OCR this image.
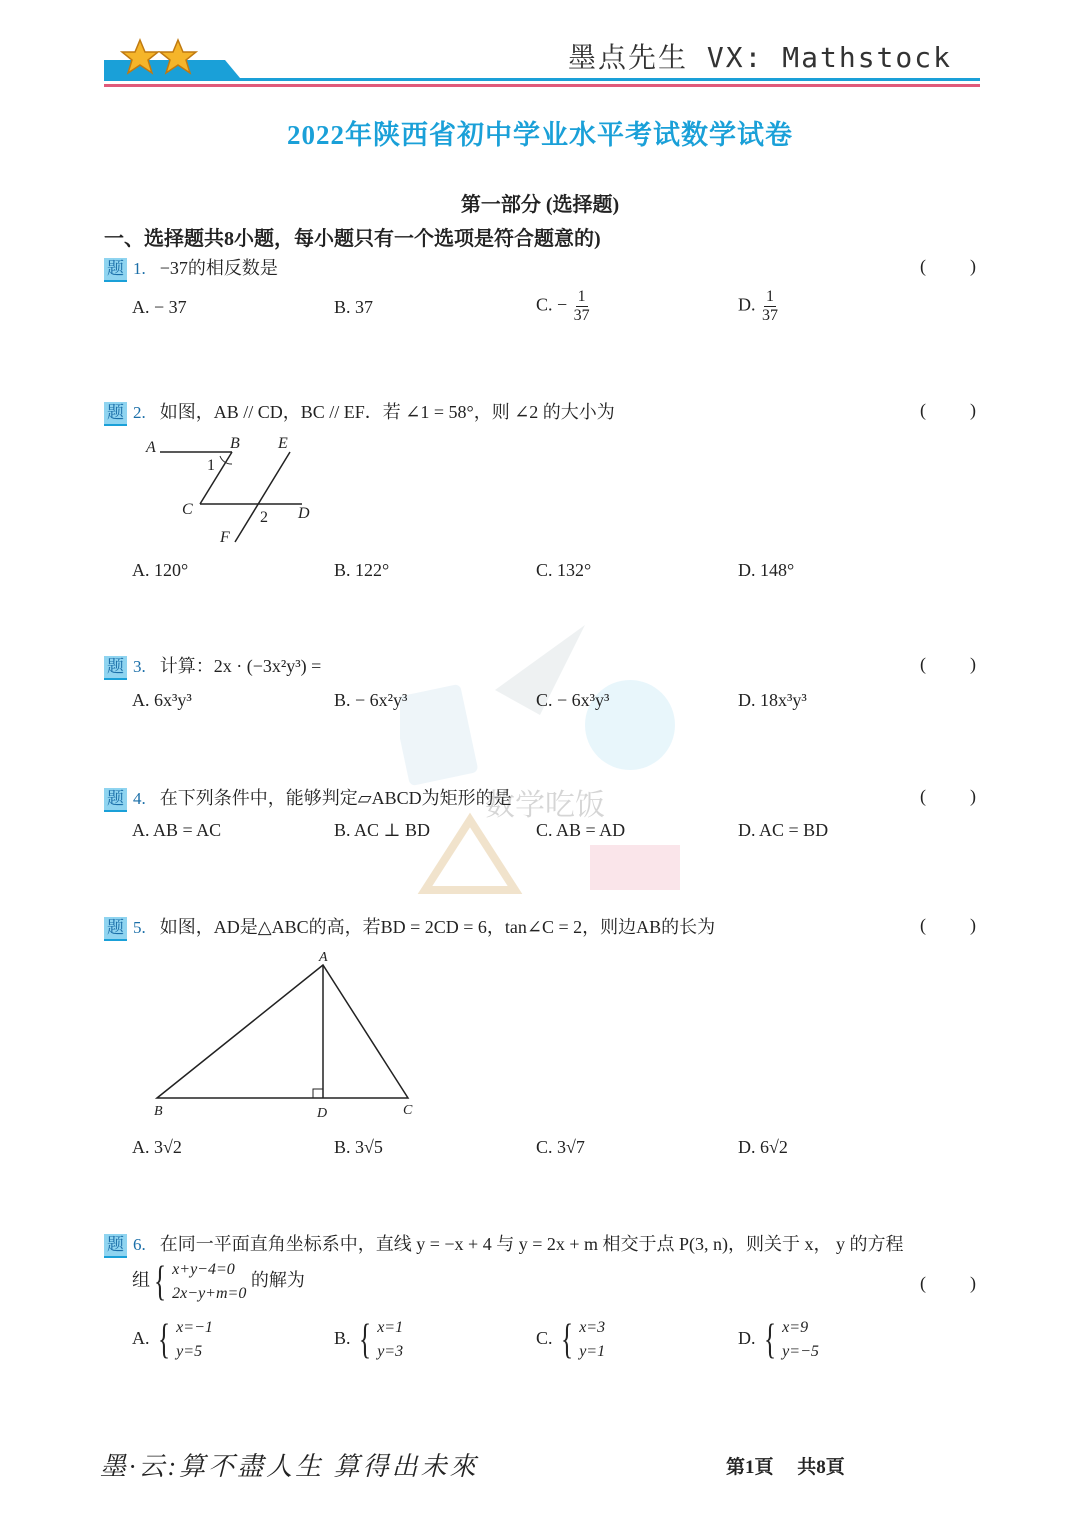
墨点先生 VX: Mathstock
2022年陕西省初中学业水平考试数学试卷
第一部分 (选择题)
一、选择题共8小题，每小题只有一个选项是符合题意的)
数学吃饭
题 1. −37的相反数是	( )
A. − 37	B. 37	C. − $\frac{1}{37}$	D. $\frac{1}{37}$
题 2. 如图，AB // CD，BC // EF．若 ∠1 = 58°，则 ∠2 的大小为	( )
A	B E
1
C	2 D
F
A. 120°	B. 122°	C. 132°	D. 148°
题 3. 计算：2x · (−3x²y³) =	( )
A. 6x³y³	B. − 6x²y³	C. − 6x³y³	D. 18x³y³
题 4. 在下列条件中，能够判定▱ABCD为矩形的是	( )
A. AB = AC	B. AC ⊥ BD	C. AB = AD	D. AC = BD
题 5. 如图，AD是△ABC的高，若BD = 2CD = 6，tan∠C = 2，则边AB的长为	( )
A
B	D	C
A. 3√2	B. 3√5	C. 3√7	D. 6√2
题 6. 在同一平面直角坐标系中，直线 y = −x + 4 与 y = 2x + m 相交于点 P(3, n)，则关于 x， y 的方程
组 { x+y−4=0
2x−y+m=0
的解为	( )
A. { x=−1
y=5
B. { x=1
y=3
C. { x=3
y=1
D. { x=9
y=−5
墨·云:算不盡人生 算得出未來	第1頁 共8頁
